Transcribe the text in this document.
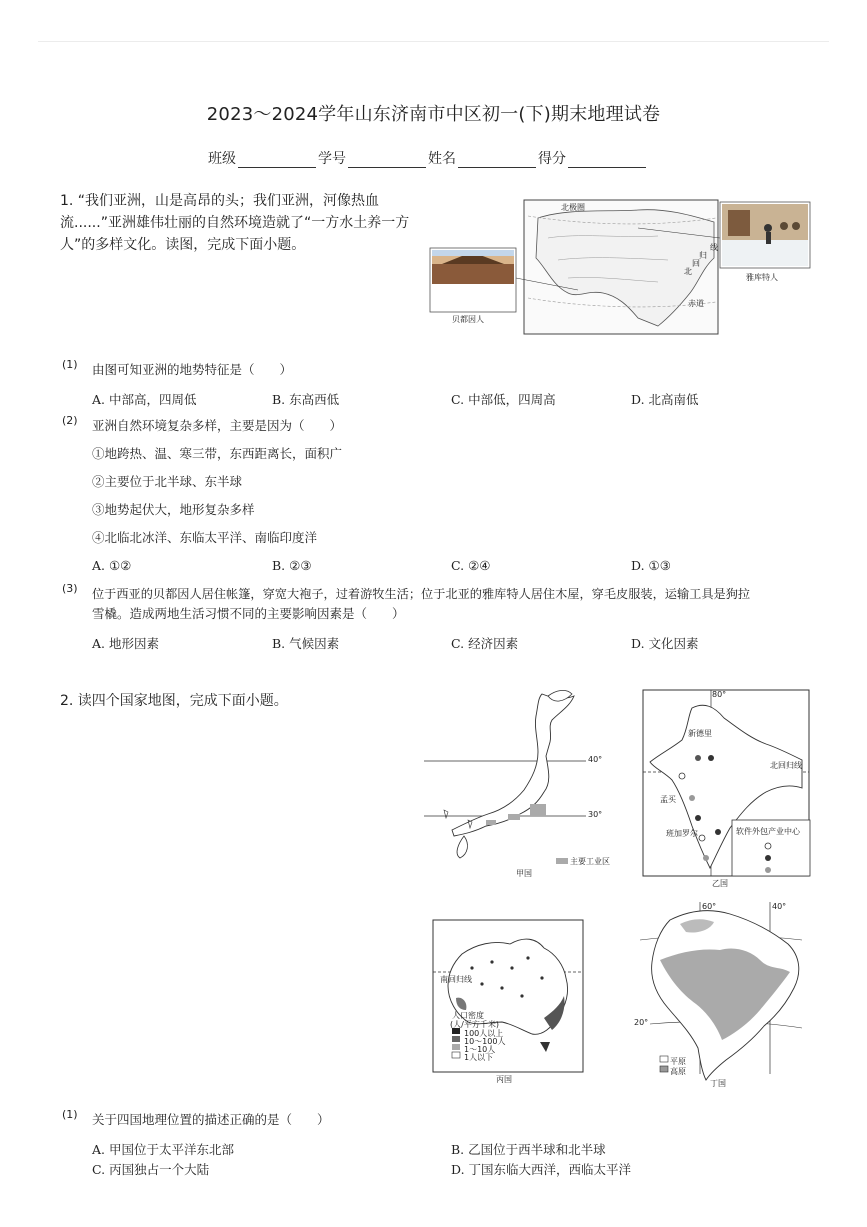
2023～2024学年山东济南市中区初一(下)期末地理试卷
班级	学号	姓名	得分
1. “我们亚洲，山是高昂的头；我们亚洲，河像热血
流......”亚洲雄伟壮丽的自然环境造就了“一方水土养一方
人”的多样文化。读图，完成下面小题。
北极圈
线
归
回
北
赤道
贝都因人
雅库特人
(1) 由图可知亚洲的地势特征是（　　）
A. 中部高，四周低	B. 东高西低	C. 中部低，四周高	D. 北高南低
(2) 亚洲自然环境复杂多样，主要是因为（　　）
①地跨热、温、寒三带，东西距离长，面积广
②主要位于北半球、东半球
③地势起伏大，地形复杂多样
④北临北冰洋、东临太平洋、南临印度洋
A. ①②	B. ②③	C. ②④	D. ①③
(3) 位于西亚的贝都因人居住帐篷，穿宽大袍子，过着游牧生活；位于北亚的雅库特人居住木屋，穿毛皮服装，运输工具是狗拉
雪橇。造成两地生活习惯不同的主要影响因素是（　　）
A. 地形因素	B. 气候因素	C. 经济因素	D. 文化因素
2. 读四个国家地图，完成下面小题。
40°
30°
主要工业区
甲国
80°
新德里
北回归线
孟买
班加罗尔	软件外包产业中心
乙国
南回归线
人口密度
(人/平方千米)
100人以上
10～100人
1～10人
1人以下
丙国
60°	40°
20°
平原
高原
丁国
(1) 关于四国地理位置的描述正确的是（　　）
A. 甲国位于太平洋东北部	B. 乙国位于西半球和北半球
C. 丙国独占一个大陆	D. 丁国东临大西洋，西临太平洋
